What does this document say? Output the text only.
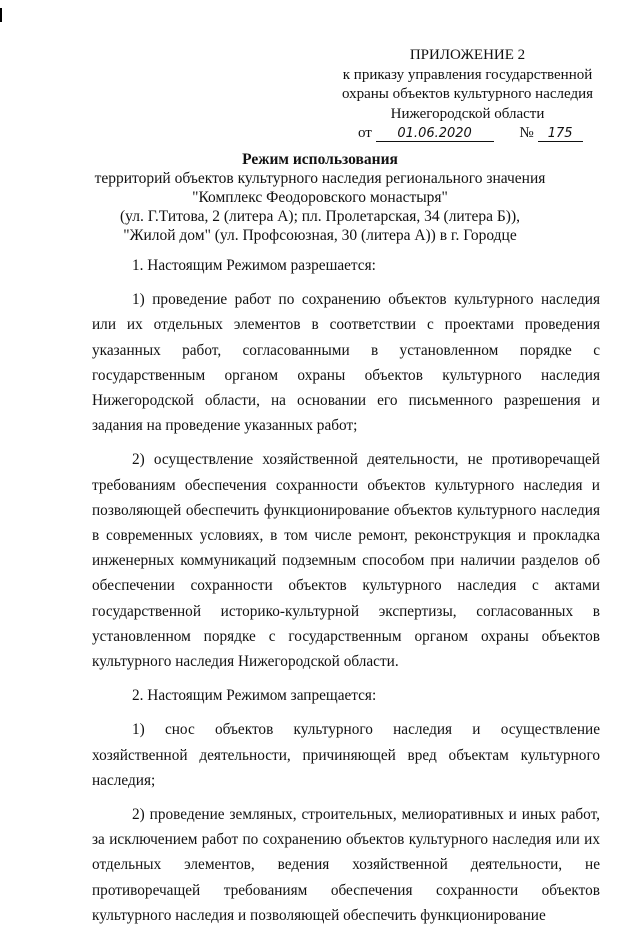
ПРИЛОЖЕНИЕ 2
к приказу управления государственной
охраны объектов культурного наследия
Нижегородской области
от 01.06.2020	№ 175
Режим использования
территорий объектов культурного наследия регионального значения
"Комплекс Феодоровского монастыря"
(ул. Г.Титова, 2 (литера А); пл. Пролетарская, 34 (литера Б)),
"Жилой дом" (ул. Профсоюзная, 30 (литера А)) в г. Городце

1. Настоящим Режимом разрешается:

1) проведение работ по сохранению объектов культурного наследия или их отдельных элементов в соответствии с проектами проведения указанных работ, согласованными в установленном порядке с государственным органом охраны объектов культурного наследия Нижегородской области, на основании его письменного разрешения и задания на проведение указанных работ;

2) осуществление хозяйственной деятельности, не противоречащей требованиям обеспечения сохранности объектов культурного наследия и позволяющей обеспечить функционирование объектов культурного наследия в современных условиях, в том числе ремонт, реконструкция и прокладка инженерных коммуникаций подземным способом при наличии разделов об обеспечении сохранности объектов культурного наследия с актами государственной историко-культурной экспертизы, согласованных в установленном порядке с государственным органом охраны объектов культурного наследия Нижегородской области.

2. Настоящим Режимом запрещается:

1) снос объектов культурного наследия и осуществление хозяйственной деятельности, причиняющей вред объектам культурного наследия;

2) проведение земляных, строительных, мелиоративных и иных работ, за исключением работ по сохранению объектов культурного наследия или их отдельных элементов, ведения хозяйственной деятельности, не противоречащей требованиям обеспечения сохранности объектов культурного наследия и позволяющей обеспечить функционирование
